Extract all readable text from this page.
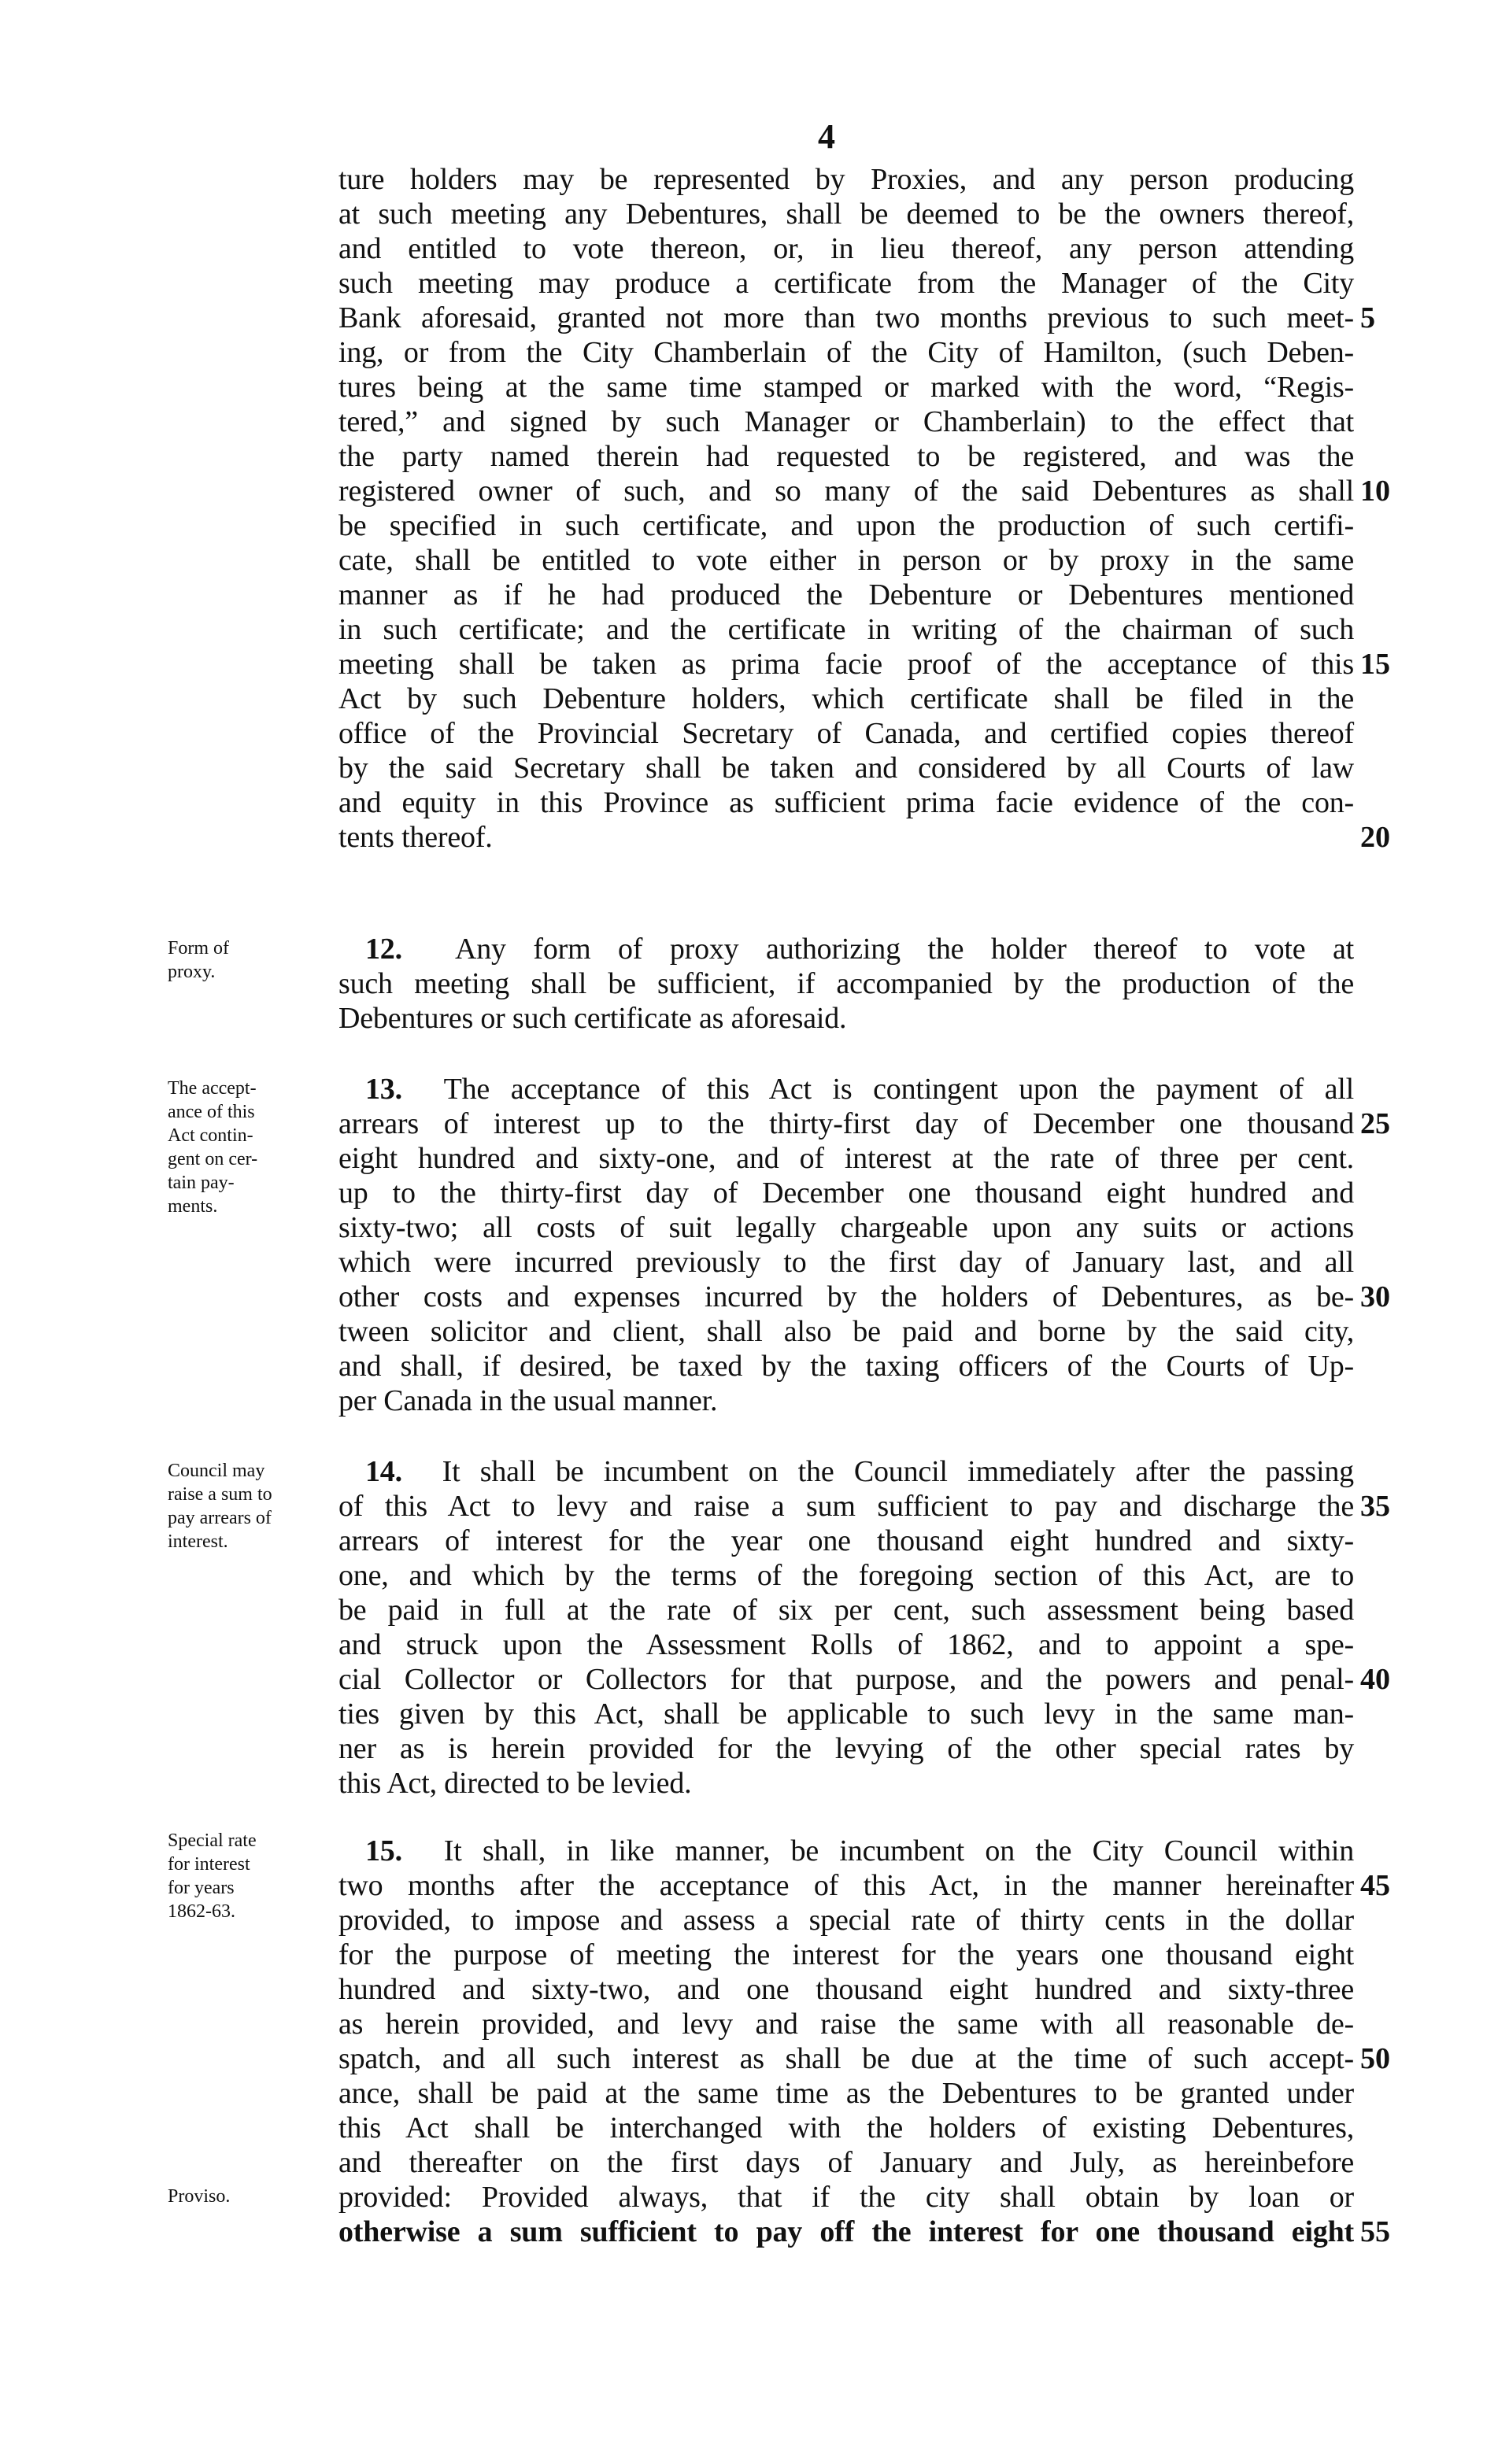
4
ture holders may be represented by Proxies, and any person producing
at such meeting any Debentures, shall be deemed to be the owners thereof,
and entitled to vote thereon, or, in lieu thereof, any person attending
such meeting may produce a certificate from the Manager of the City
Bank aforesaid, granted not more than two months previous to such meet-
ing, or from the City Chamberlain of the City of Hamilton, (such Deben-
tures being at the same time stamped or marked with the word, “Regis-
tered,” and signed by such Manager or Chamberlain) to the effect that
the party named therein had requested to be registered, and was the
registered owner of such, and so many of the said Debentures as shall
be specified in such certificate, and upon the production of such certifi-
cate, shall be entitled to vote either in person or by proxy in the same
manner as if he had produced the Debenture or Debentures mentioned
in such certificate; and the certificate in writing of the chairman of such
meeting shall be taken as prima facie proof of the acceptance of this
Act by such Debenture holders, which certificate shall be filed in the
office of the Provincial Secretary of Canada, and certified copies thereof
by the said Secretary shall be taken and considered by all Courts of law
and equity in this Province as sufficient prima facie evidence of the con-
tents thereof.
12. Any form of proxy authorizing the holder thereof to vote at
such meeting shall be sufficient, if accompanied by the production of the
Debentures or such certificate as aforesaid.
13. The acceptance of this Act is contingent upon the payment of all
arrears of interest up to the thirty-first day of December one thousand
eight hundred and sixty-one, and of interest at the rate of three per cent.
up to the thirty-first day of December one thousand eight hundred and
sixty-two; all costs of suit legally chargeable upon any suits or actions
which were incurred previously to the first day of January last, and all
other costs and expenses incurred by the holders of Debentures, as be-
tween solicitor and client, shall also be paid and borne by the said city,
and shall, if desired, be taxed by the taxing officers of the Courts of Up-
per Canada in the usual manner.
14. It shall be incumbent on the Council immediately after the passing
of this Act to levy and raise a sum sufficient to pay and discharge the
arrears of interest for the year one thousand eight hundred and sixty-
one, and which by the terms of the foregoing section of this Act, are to
be paid in full at the rate of six per cent, such assessment being based
and struck upon the Assessment Rolls of 1862, and to appoint a spe-
cial Collector or Collectors for that purpose, and the powers and penal-
ties given by this Act, shall be applicable to such levy in the same man-
ner as is herein provided for the levying of the other special rates by
this Act, directed to be levied.
15. It shall, in like manner, be incumbent on the City Council within
two months after the acceptance of this Act, in the manner hereinafter
provided, to impose and assess a special rate of thirty cents in the dollar
for the purpose of meeting the interest for the years one thousand eight
hundred and sixty-two, and one thousand eight hundred and sixty-three
as herein provided, and levy and raise the same with all reasonable de-
spatch, and all such interest as shall be due at the time of such accept-
ance, shall be paid at the same time as the Debentures to be granted under
this Act shall be interchanged with the holders of existing Debentures,
and thereafter on the first days of January and July, as hereinbefore
provided: Provided always, that if the city shall obtain by loan or
otherwise a sum sufficient to pay off the interest for one thousand eight
5
10
15
20
25
30
35
40
45
50
55
Form of
proxy.
The accept-
ance of this
Act contin-
gent on cer-
tain pay-
ments.
Council may
raise a sum to
pay arrears of
interest.
Special rate
for interest
for years
1862-63.
Proviso.
